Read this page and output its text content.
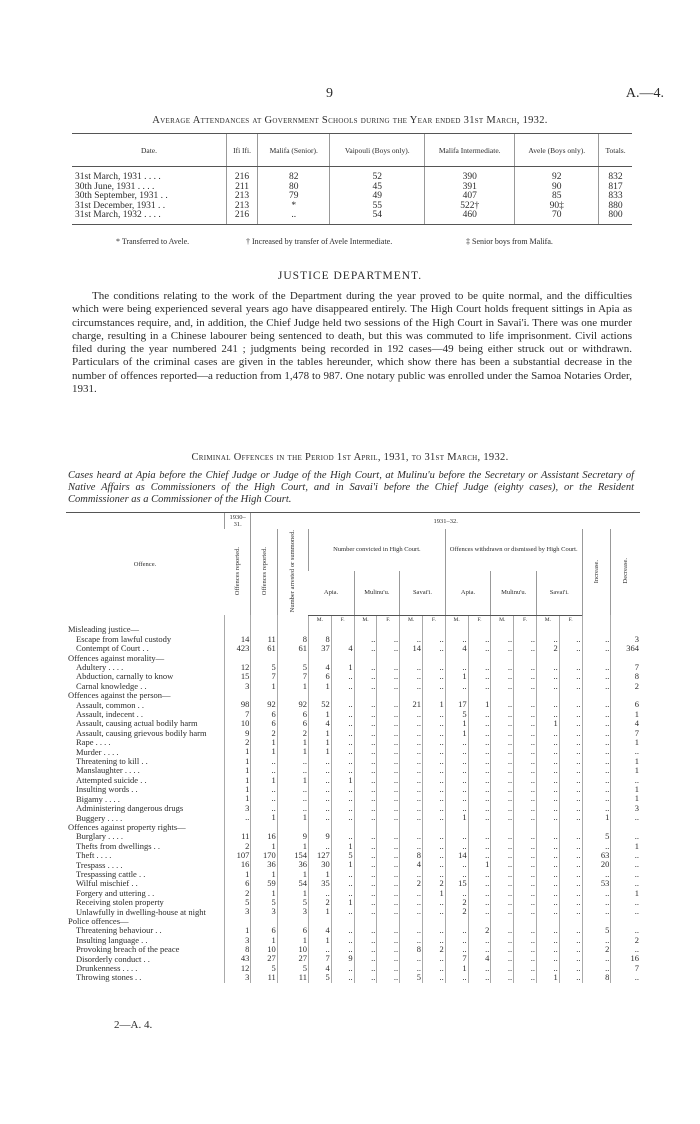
9	A.—4.
Average Attendances at Government Schools during the Year ended 31st March, 1932.
Date.	Ifi Ifi.	Malifa (Senior).	Vaipouli (Boys only).	Malifa Intermediate.	Avele (Boys only).	Totals.
31st March, 1931 . . . .	216	82	52	390	92	832
30th June, 1931 . . . .	211	80	45	391	90	817
30th September, 1931 . .	213	79	49	407	85	833
31st December, 1931 . .	213	*	55	522†	90‡	880
31st March, 1932 . . . .	216	..	54	460	70	800
* Transferred to Avele.	† Increased by transfer of Avele Intermediate.	‡ Senior boys from Malifa.
JUSTICE DEPARTMENT.
The conditions relating to the work of the Department during the year proved to be quite normal, and the difficulties which were being experienced several years ago have disappeared entirely. The High Court holds frequent sittings in Apia as circumstances require, and, in addition, the Chief Judge held two sessions of the High Court in Savai'i. There was one murder charge, resulting in a Chinese labourer being sentenced to death, but this was commuted to life imprisonment. Civil actions filed during the year numbered 241 ; judgments being recorded in 192 cases—49 being either struck out or withdrawn. Particulars of the criminal cases are given in the tables hereunder, which show there has been a substantial decrease in the number of offences reported—a reduction from 1,478 to 987. One notary public was enrolled under the Samoa Notaries Order, 1931.
Criminal Offences in the Period 1st April, 1931, to 31st March, 1932.
Cases heard at Apia before the Chief Judge or Judge of the High Court, at Mulinu'u before the Secretary or Assistant Secretary of Native Affairs as Commissioners of the High Court, and in Savai'i before the Chief Judge (eighty cases), or the Resident Commissioner as a Commissioner of the High Court.
Offence.	1930–31.	1931–32.															
	Offences reported.	Offences reported.	Number arrested or summoned.	Number convicted in High Court.						Offences withdrawn or dismissed by High Court.						Increase.	Decrease.
				Apia.		Mulinu'u.		Savai'i.		Apia.		Mulinu'u.		Savai'i.			
				M.	F.	M.	F.	M.	F.	M.	F.	M.	F.	M.	F.		
Misleading justice—																	
Escape from lawful custody	14	11	8	8		..	..	..	..	..	..	..	..	..	..	..	3
Contempt of Court . .	423	61	61	37	4	..	..	14	..	4	..	..	..	2	..	..	364
Offences against morality—																	
Adultery . . . .	12	5	5	4	1	..	..	..	..	..	..	..	..	..	..	..	7
Abduction, carnally to know	15	7	7	6	..	..	..	..	..	1	..	..	..	..	..	..	8
Carnal knowledge . .	3	1	1	1	..	..	..	..	..	..	..	..	..	..	..	..	2
Offences against the person—																	
Assault, common . .	98	92	92	52	..	..	..	21	1	17	1	..	..	..	..	..	6
Assault, indecent . .	7	6	6	1	..	..	..	..	..	5	..	..	..	..	..	..	1
Assault, causing actual bodily harm	10	6	6	4	..	..	..	..	..	1	..	..	..	1	..	..	4
Assault, causing grievous bodily harm	9	2	2	1	..	..	..	..	..	1	..	..	..	..	..	..	7
Rape . . . .	2	1	1	1	..	..	..	..	..	..	..	..	..	..	..	..	1
Murder . . . .	1	1	1	1	..	..	..	..	..	..	..	..	..	..	..	..	..
Threatening to kill . .	1	..	..	..	..	..	..	..	..	..	..	..	..	..	..	..	1
Manslaughter . . . .	1	..	..	..	..	..	..	..	..	..	..	..	..	..	..	..	1
Attempted suicide . .	1	1	1	..	1	..	..	..	..	..	..	..	..	..	..	..	..
Insulting words . .	1	..	..	..	..	..	..	..	..	..	..	..	..	..	..	..	1
Bigamy . . . .	1	..	..	..	..	..	..	..	..	..	..	..	..	..	..	..	1
Administering dangerous drugs	3	..	..	..	..	..	..	..	..	..	..	..	..	..	..	..	3
Buggery . . . .	..	1	1	..	..	..	..	..	..	1	..	..	..	..	..	1	..
Offences against property rights—																	
Burglary . . . .	11	16	9	9	..	..	..	..	..	..	..	..	..	..	..	5	..
Thefts from dwellings . .	2	1	1	..	1	..	..	..	..	..	..	..	..	..	..	..	1
Theft . . . .	107	170	154	127	5	..	..	8	..	14	..	..	..	..	..	63	..
Trespass . . . .	16	36	36	30	1	..	..	4	..	..	1	..	..	..	..	20	..
Trespassing cattle . .	1	1	1	1	..	..	..	..	..	..	..	..	..	..	..	..	..
Wilful mischief . .	6	59	54	35	..	..	..	2	2	15	..	..	..	..	..	53	..
Forgery and uttering . .	2	1	1	..	..	..	..	..	1	..	..	..	..	..	..	..	1
Receiving stolen property	5	5	5	2	1	..	..	..	..	2	..	..	..	..	..	..	..
Unlawfully in dwelling-house at night	3	3	3	1	..	..	..	..	..	2	..	..	..	..	..	..	..
Police offences—																	
Threatening behaviour . .	1	6	6	4	..	..	..	..	..	..	2	..	..	..	..	5	..
Insulting language . .	3	1	1	1	..	..	..	..	..	..	..	..	..	..	..	..	2
Provoking breach of the peace	8	10	10	..	..	..	..	8	2	..	..	..	..	..	..	2	..
Disorderly conduct . .	43	27	27	7	9	..	..	..	..	7	4	..	..	..	..	..	16
Drunkenness . . . .	12	5	5	4	..	..	..	..	..	1	..	..	..	..	..	..	7
Throwing stones . .	3	11	11	5	..	..	..	5	..	..	..	..	..	1	..	8	..
2—A. 4.
